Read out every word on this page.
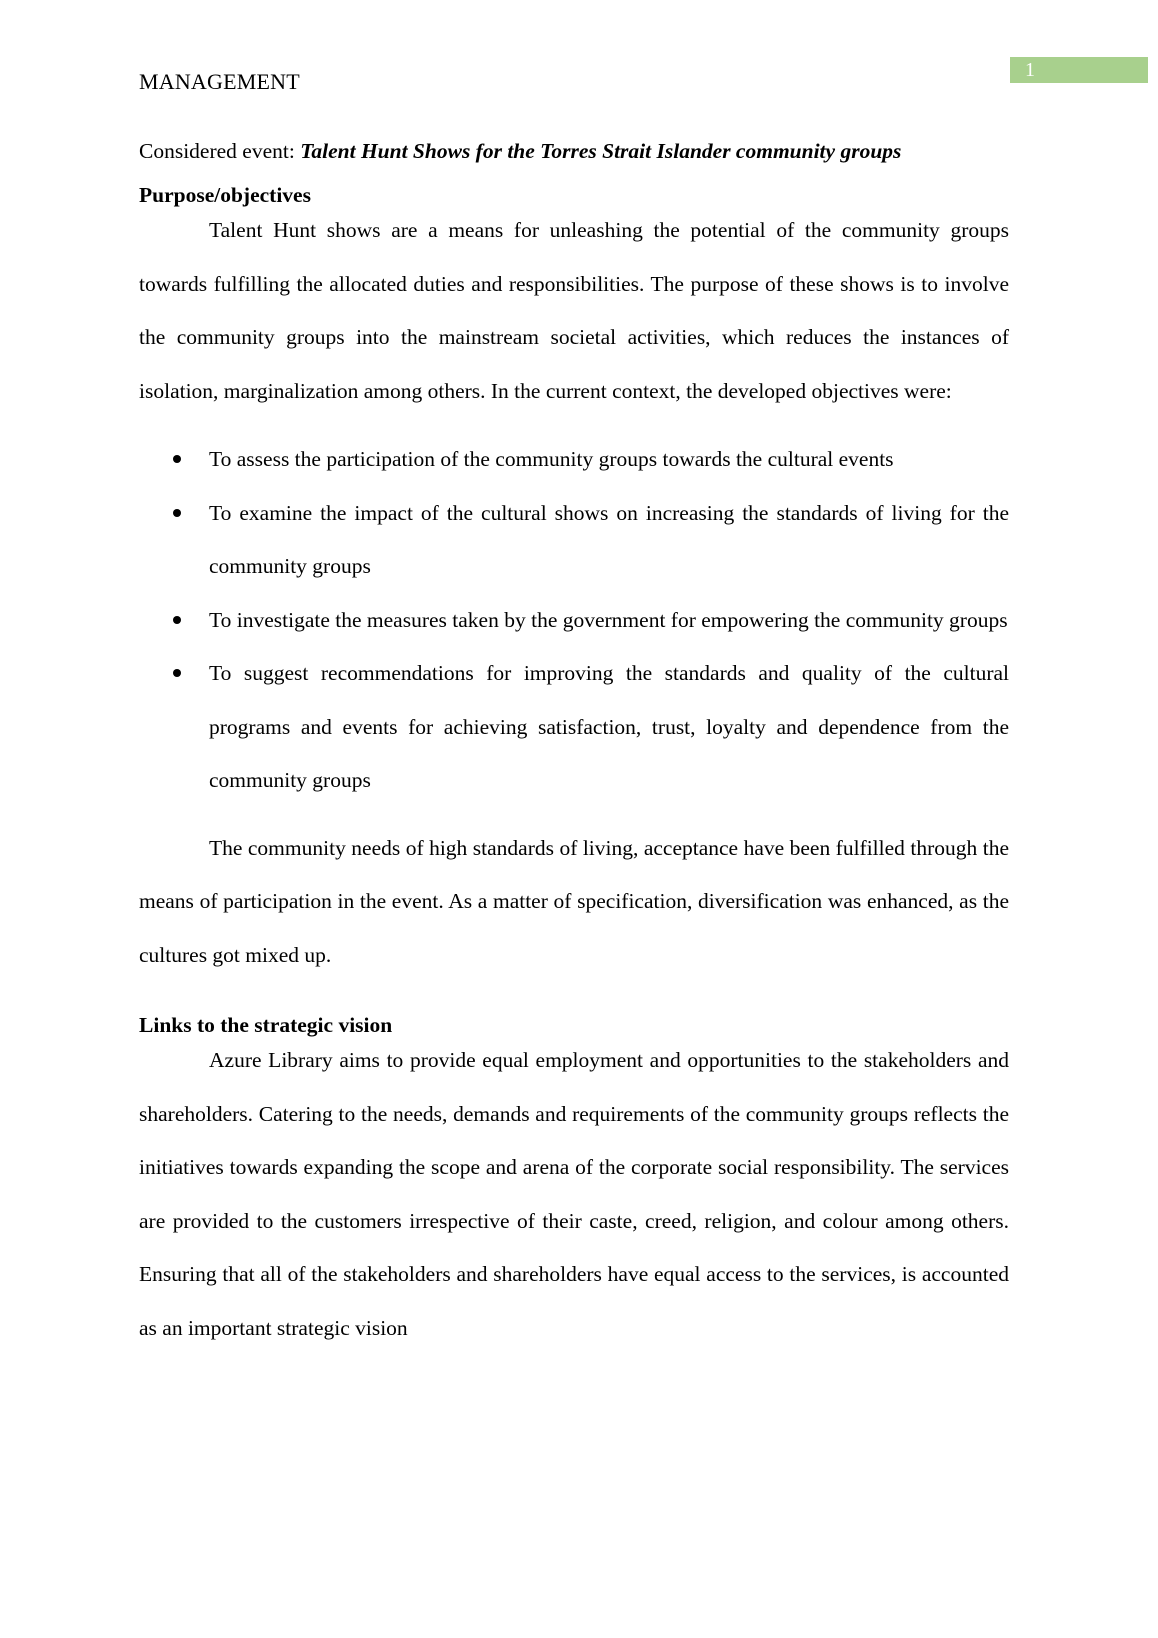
1
MANAGEMENT
Considered event: Talent Hunt Shows for the Torres Strait Islander community groups
Purpose/objectives

Talent Hunt shows are a means for unleashing the potential of the community groups towards fulfilling the allocated duties and responsibilities. The purpose of these shows is to involve the community groups into the mainstream societal activities, which reduces the instances of isolation, marginalization among others. In the current context, the developed objectives were:

To assess the participation of the community groups towards the cultural events
To examine the impact of the cultural shows on increasing the standards of living for the community groups
To investigate the measures taken by the government for empowering the community groups
To suggest recommendations for improving the standards and quality of the cultural programs and events for achieving satisfaction, trust, loyalty and dependence from the community groups

The community needs of high standards of living, acceptance have been fulfilled through the means of participation in the event. As a matter of specification, diversification was enhanced, as the cultures got mixed up.

Links to the strategic vision

Azure Library aims to provide equal employment and opportunities to the stakeholders and shareholders. Catering to the needs, demands and requirements of the community groups reflects the initiatives towards expanding the scope and arena of the corporate social responsibility. The services are provided to the customers irrespective of their caste, creed, religion, and colour among others. Ensuring that all of the stakeholders and shareholders have equal access to the services, is accounted as an important strategic vision
